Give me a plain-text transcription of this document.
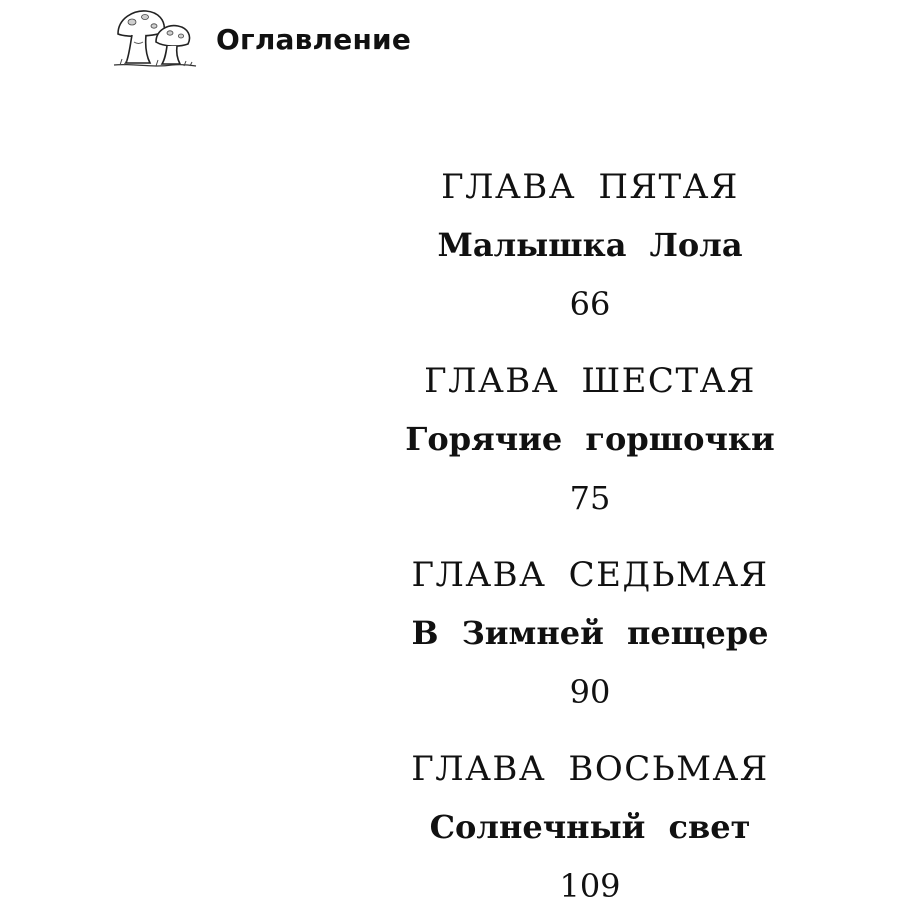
Оглавление
ГЛАВА ПЯТАЯ
Малышка Лола
66
ГЛАВА ШЕСТАЯ
Горячие горшочки
75
ГЛАВА СЕДЬМАЯ
В Зимней пещере
90
ГЛАВА ВОСЬМАЯ
Солнечный свет
109
